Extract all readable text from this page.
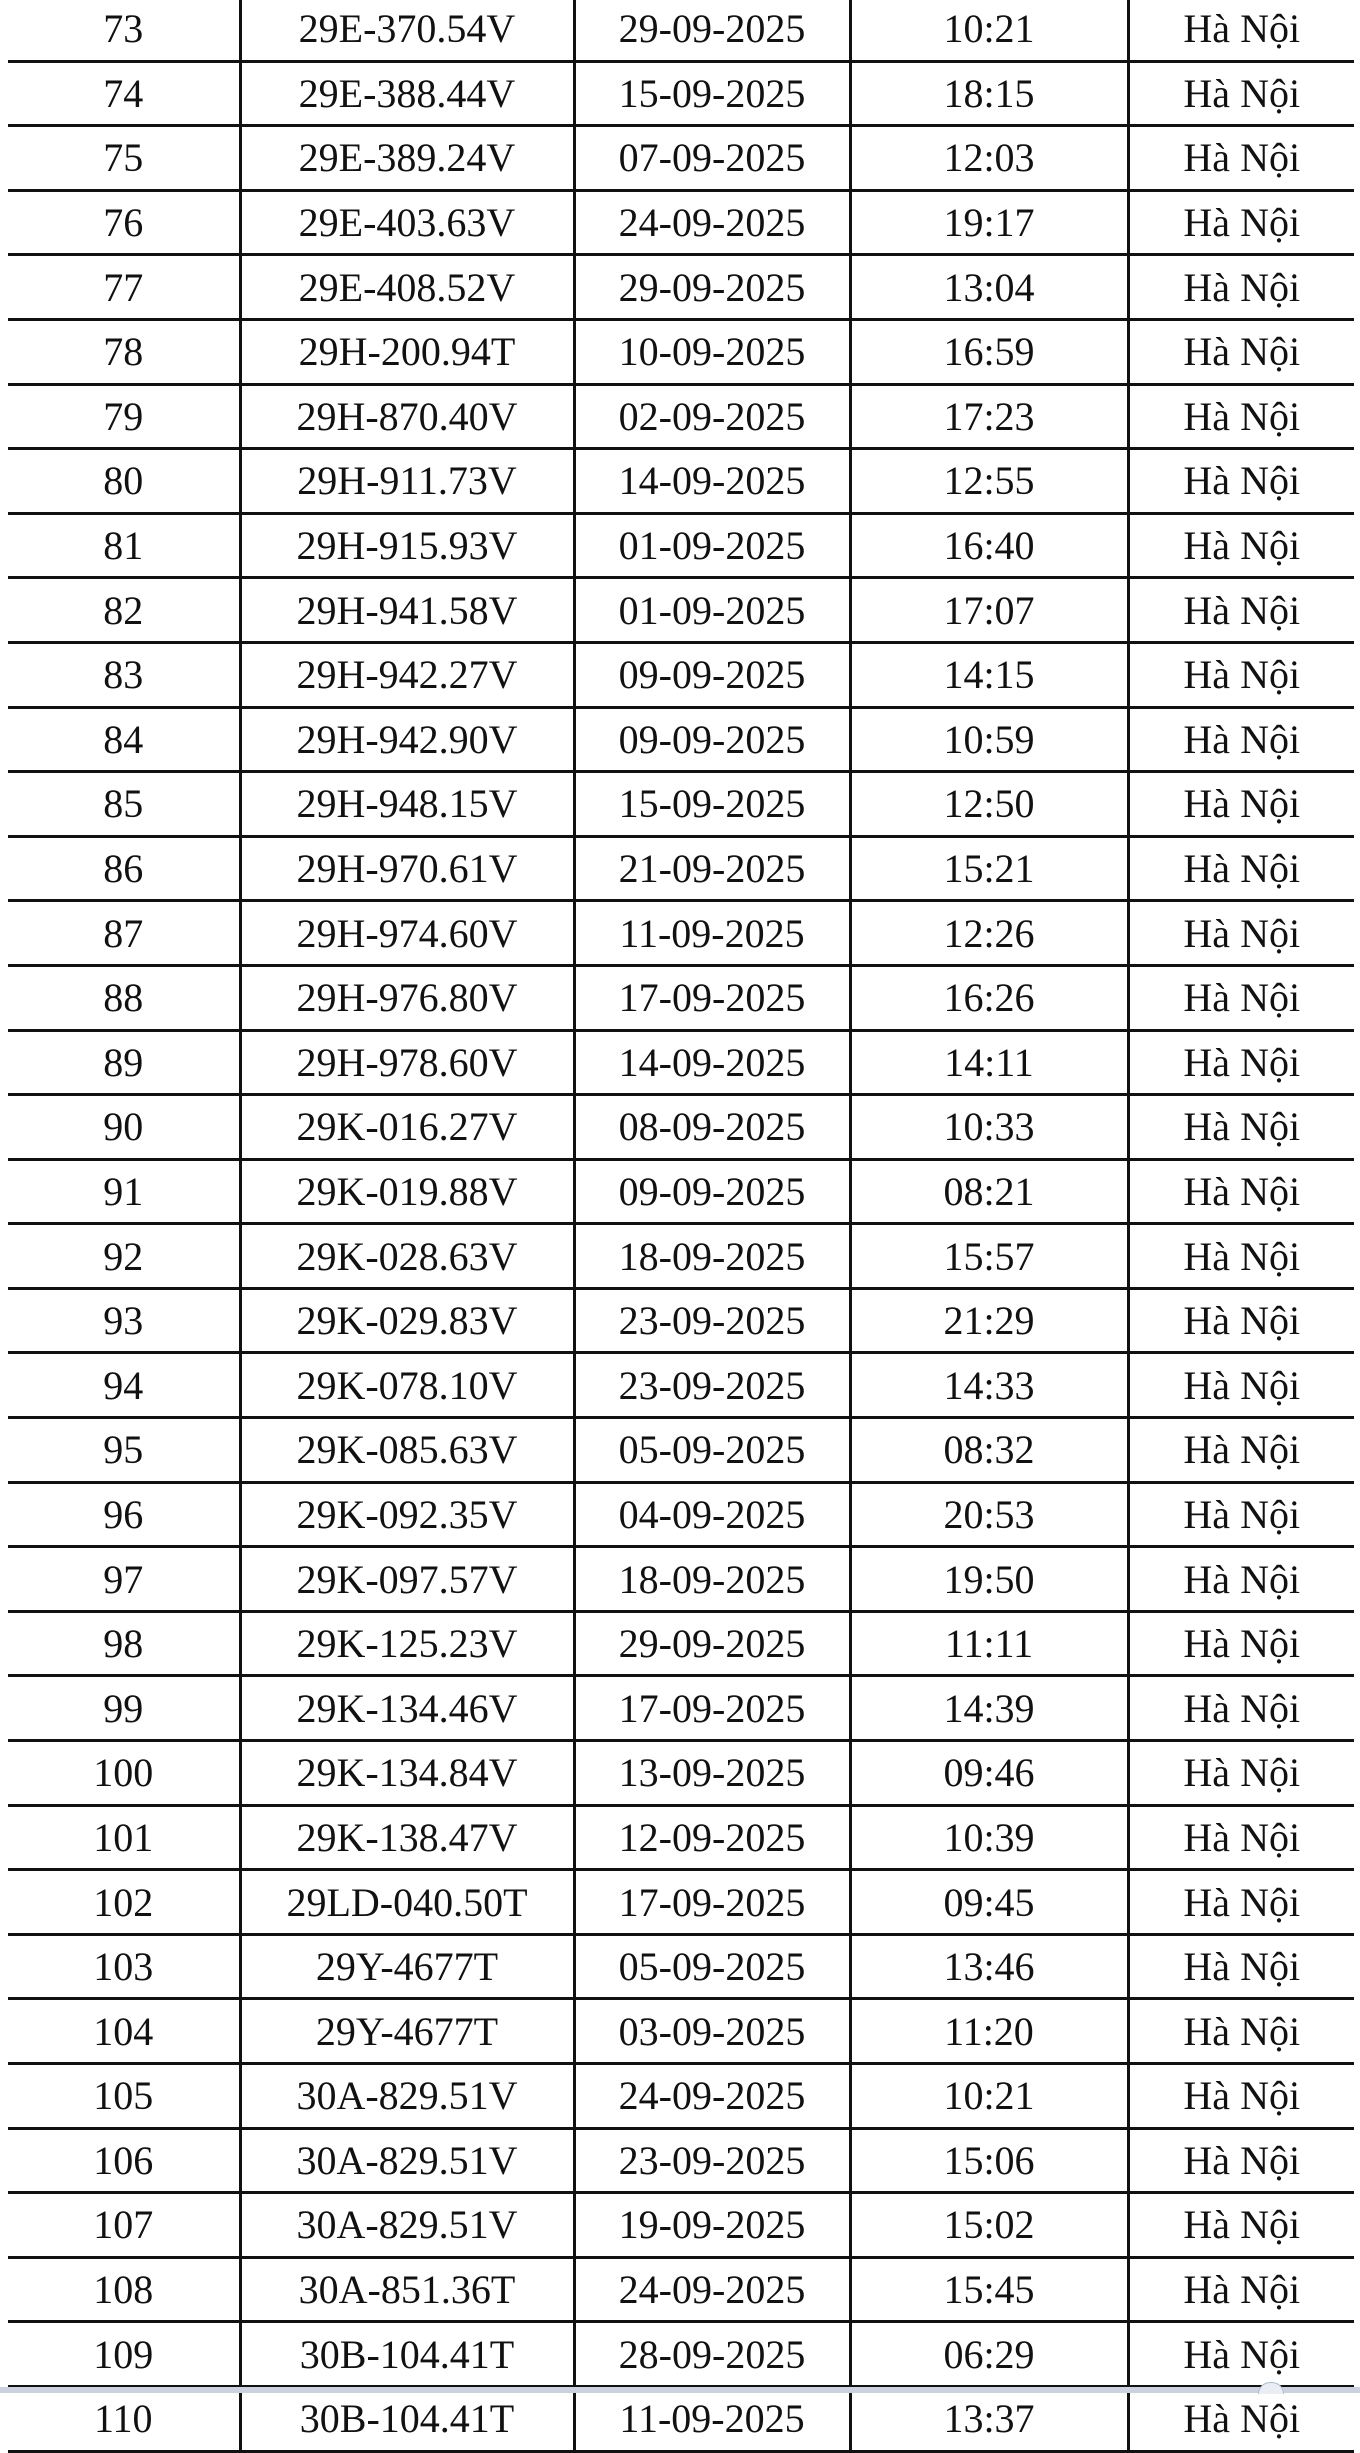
73	29E-370.54V	29-09-2025	10:21	Hà Nội
74	29E-388.44V	15-09-2025	18:15	Hà Nội
75	29E-389.24V	07-09-2025	12:03	Hà Nội
76	29E-403.63V	24-09-2025	19:17	Hà Nội
77	29E-408.52V	29-09-2025	13:04	Hà Nội
78	29H-200.94T	10-09-2025	16:59	Hà Nội
79	29H-870.40V	02-09-2025	17:23	Hà Nội
80	29H-911.73V	14-09-2025	12:55	Hà Nội
81	29H-915.93V	01-09-2025	16:40	Hà Nội
82	29H-941.58V	01-09-2025	17:07	Hà Nội
83	29H-942.27V	09-09-2025	14:15	Hà Nội
84	29H-942.90V	09-09-2025	10:59	Hà Nội
85	29H-948.15V	15-09-2025	12:50	Hà Nội
86	29H-970.61V	21-09-2025	15:21	Hà Nội
87	29H-974.60V	11-09-2025	12:26	Hà Nội
88	29H-976.80V	17-09-2025	16:26	Hà Nội
89	29H-978.60V	14-09-2025	14:11	Hà Nội
90	29K-016.27V	08-09-2025	10:33	Hà Nội
91	29K-019.88V	09-09-2025	08:21	Hà Nội
92	29K-028.63V	18-09-2025	15:57	Hà Nội
93	29K-029.83V	23-09-2025	21:29	Hà Nội
94	29K-078.10V	23-09-2025	14:33	Hà Nội
95	29K-085.63V	05-09-2025	08:32	Hà Nội
96	29K-092.35V	04-09-2025	20:53	Hà Nội
97	29K-097.57V	18-09-2025	19:50	Hà Nội
98	29K-125.23V	29-09-2025	11:11	Hà Nội
99	29K-134.46V	17-09-2025	14:39	Hà Nội
100	29K-134.84V	13-09-2025	09:46	Hà Nội
101	29K-138.47V	12-09-2025	10:39	Hà Nội
102	29LD-040.50T	17-09-2025	09:45	Hà Nội
103	29Y-4677T	05-09-2025	13:46	Hà Nội
104	29Y-4677T	03-09-2025	11:20	Hà Nội
105	30A-829.51V	24-09-2025	10:21	Hà Nội
106	30A-829.51V	23-09-2025	15:06	Hà Nội
107	30A-829.51V	19-09-2025	15:02	Hà Nội
108	30A-851.36T	24-09-2025	15:45	Hà Nội
109	30B-104.41T	28-09-2025	06:29	Hà Nội
110	30B-104.41T	11-09-2025	13:37	Hà Nội
